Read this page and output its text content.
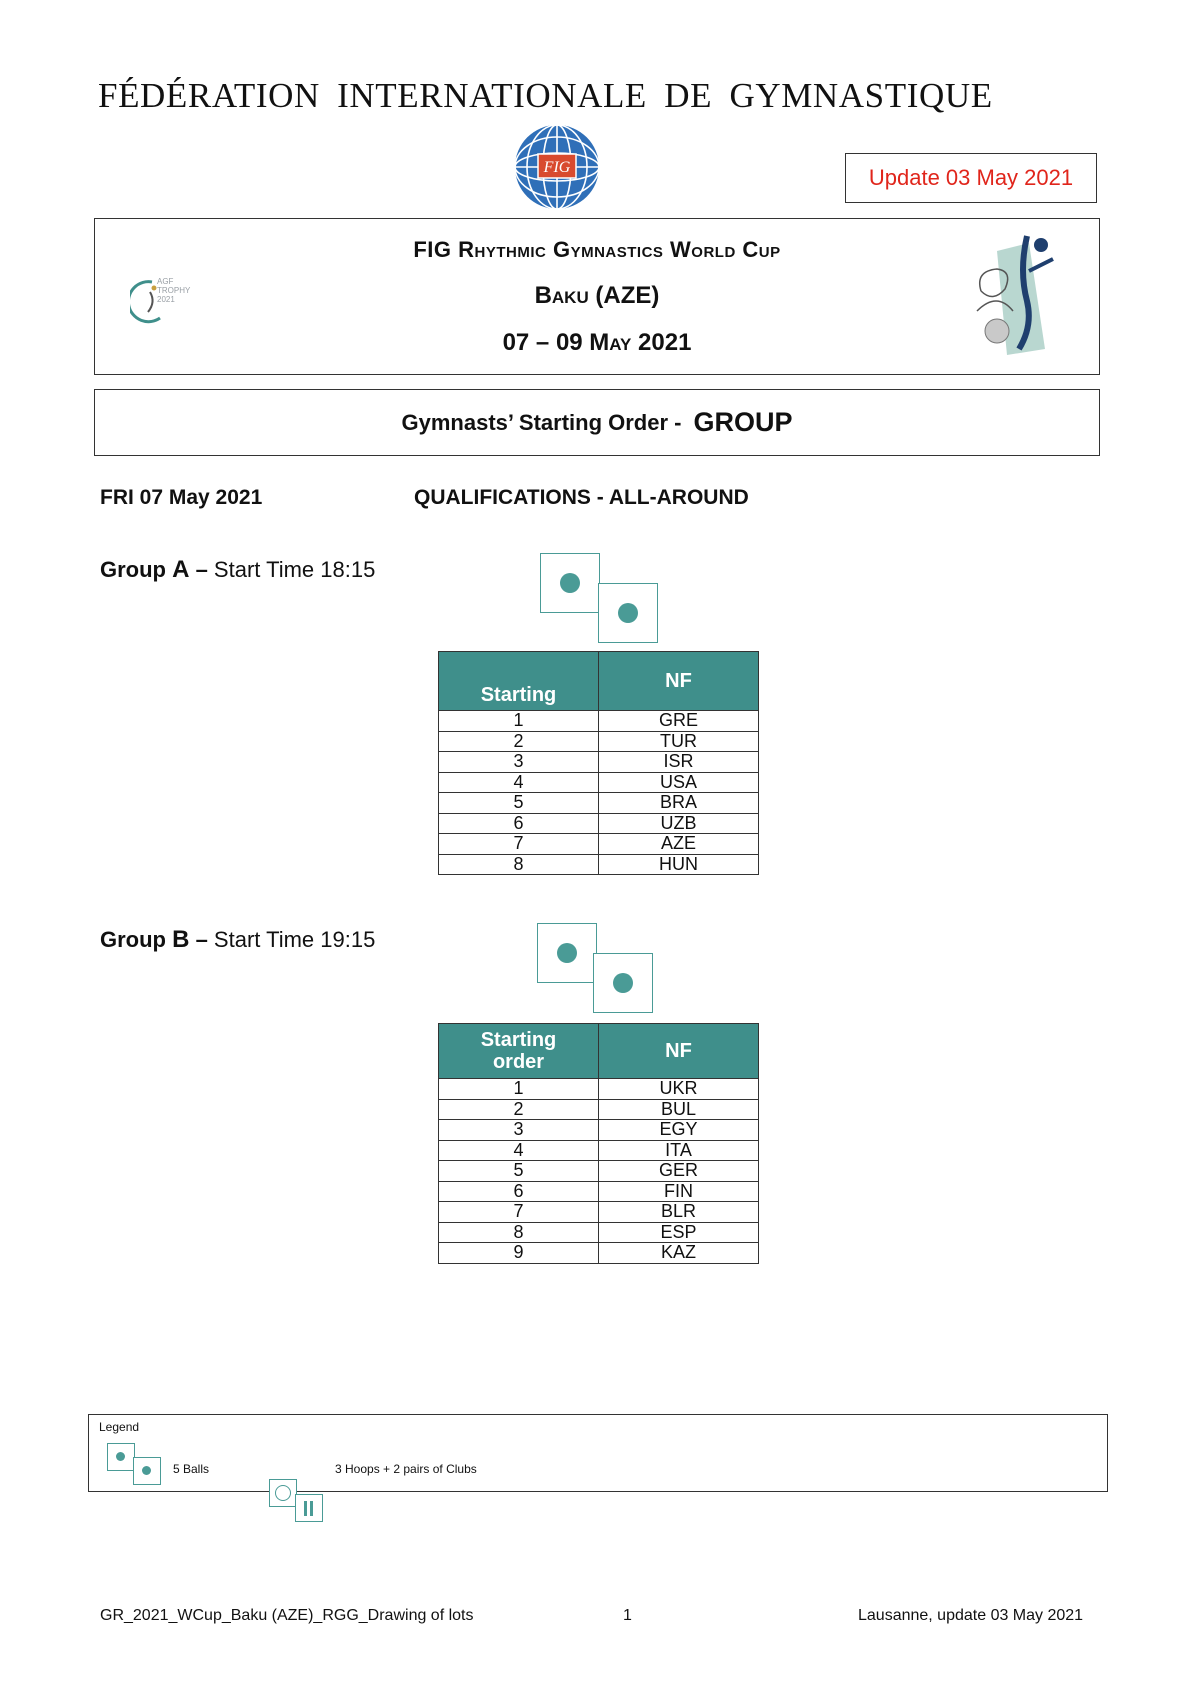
FÉDÉRATION INTERNATIONALE DE GYMNASTIQUE
FIG	Update 03 May 2021
AGF
TROPHY
2021
FIG Rhythmic Gymnastics World Cup
Baku (AZE)
07 – 09 May 2021
Gymnasts’ Starting Order - GROUP
FRI 07 May 2021	QUALIFICATIONS - ALL-AROUND
Group A – Start Time 18:15
Starting	NF
1	GRE
2	TUR
3	ISR
4	USA
5	BRA
6	UZB
7	AZE
8	HUN
Group B – Start Time 19:15
Starting order	NF
1	UKR
2	BUL
3	EGY
4	ITA
5	GER
6	FIN
7	BLR
8	ESP
9	KAZ
Legend
5 Balls	3 Hoops + 2 pairs of Clubs
GR_2021_WCup_Baku (AZE)_RGG_Drawing of lots	1	Lausanne, update 03 May 2021
